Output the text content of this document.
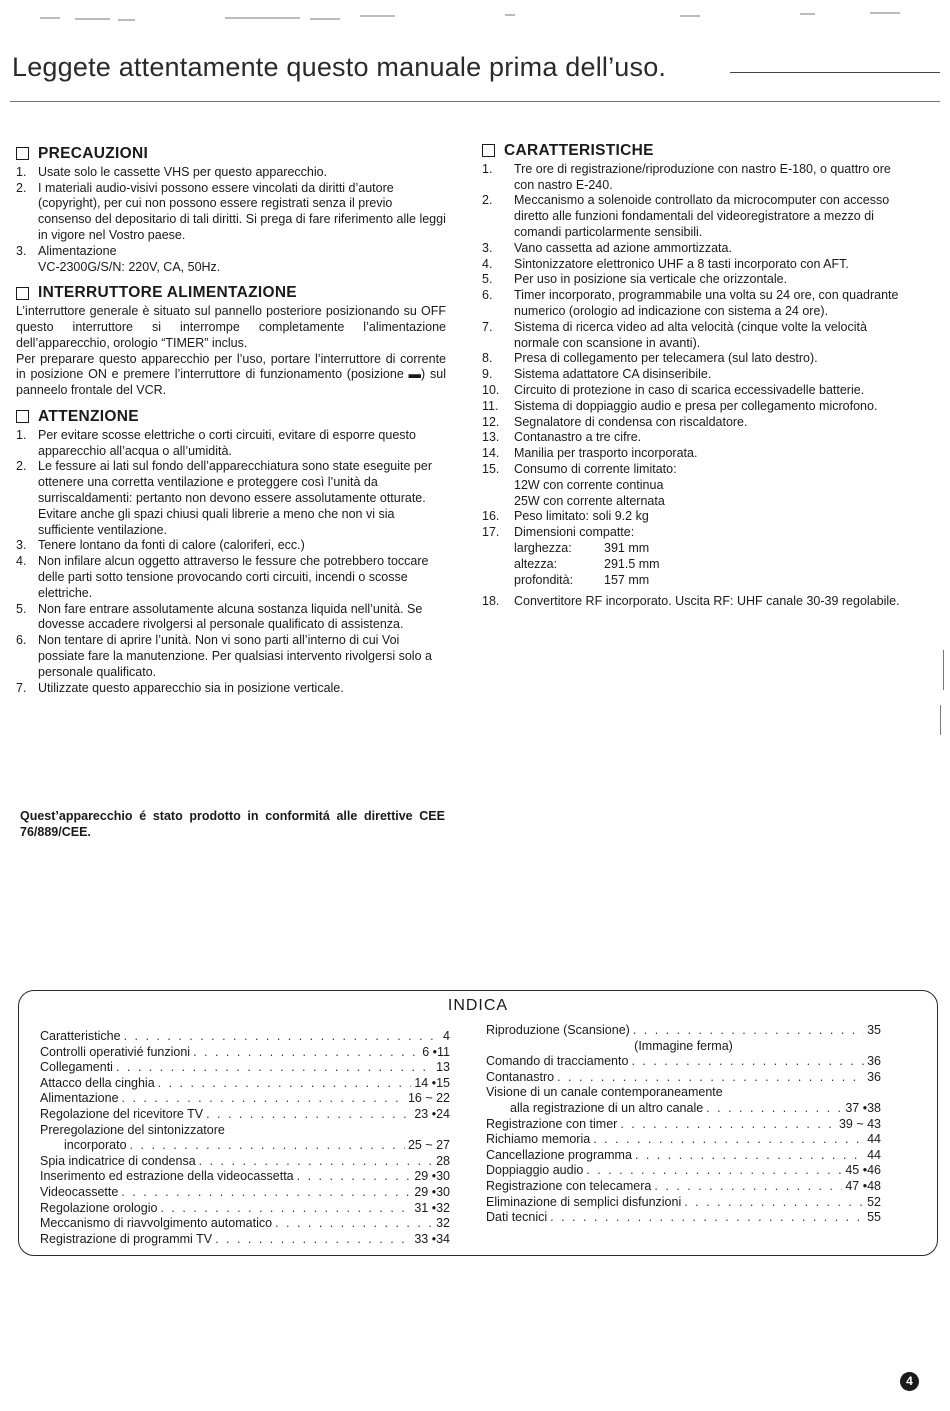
Leggete attentamente questo manuale prima dell’uso.
PRECAUZIONI
1. Usate solo le cassette VHS per questo apparecchio.
2. I materiali audio-visivi possono essere vincolati da diritti d’autore (copyright), per cui non possono essere registrati senza il previo consenso del depositario di tali diritti. Si prega di fare riferimento alle leggi in vigore nel Vostro paese.
3. Alimentazione
VC-2300G/S/N: 220V, CA, 50Hz.
INTERRUTTORE ALIMENTAZIONE

L’interruttore generale è situato sul pannello posteriore posizionando su OFF questo interruttore si interrompe completamente l’alimentazione dell’apparecchio, orologio “TIMER” inclus.

Per preparare questo apparecchio per l’uso, portare l’interruttore di corrente in posizione ON e premere l’interruttore di funzionamento (posizione ▬) sul panneelo frontale del VCR.

ATTENZIONE
1. Per evitare scosse elettriche o corti circuiti, evitare di esporre questo apparecchio all’acqua o all’umidità.
2. Le fessure ai lati sul fondo dell’apparecchiatura sono state eseguite per ottenere una corretta ventilazione e proteggere così l’unità da surriscaldamenti: pertanto non devono essere assolutamente otturate. Evitare anche gli spazi chiusi quali librerie a meno che non vi sia sufficiente ventilazione.
3. Tenere lontano da fonti di calore (caloriferi, ecc.)
4. Non infilare alcun oggetto attraverso le fessure che potrebbero toccare delle parti sotto tensione provocando corti circuiti, incendi o scosse elettriche.
5. Non fare entrare assolutamente alcuna sostanza liquida nell’unità. Se dovesse accadere rivolgersi al personale qualificato di assistenza.
6. Non tentare di aprire l’unità. Non vi sono parti all’interno di cui Voi possiate fare la manutenzione. Per qualsiasi intervento rivolgersi solo a personale qualificato.
7. Utilizzate questo apparecchio sia in posizione verticale.
Quest’apparecchio é stato prodotto in conformitá alle direttive CEE 76/889/CEE.
CARATTERISTICHE
1.	Tre ore di registrazione/riproduzione con nastro E-180, o quattro ore con nastro E-240.
2.	Meccanismo a solenoide controllato da microcomputer con accesso diretto alle funzioni fondamentali del videoregistratore a mezzo di comandi particolarmente sensibili.
3.	Vano cassetta ad azione ammortizzata.
4.	Sintonizzatore elettronico UHF a 8 tasti incorporato con AFT.
5.	Per uso in posizione sia verticale che orizzontale.
6.	Timer incorporato, programmabile una volta su 24 ore, con quadrante numerico (orologio ad indicazione con sistema a 24 ore).
7.	Sistema di ricerca video ad alta velocità (cinque volte la velocità normale con scansione in avanti).
8.	Presa di collegamento per telecamera (sul lato destro).
9.	Sistema adattatore CA disinseribile.
10.	Circuito di protezione in caso di scarica eccessivadelle batterie.
11.	Sistema di doppiaggio audio e presa per collegamento microfono.
12.	Segnalatore di condensa con riscaldatore.
13.	Contanastro a tre cifre.
14.	Manilia per trasporto incorporata.
15.	Consumo di corrente limitato:
12W con corrente continua
25W con corrente alternata
16.	Peso limitato: soli 9.2 kg
17.	Dimensioni compatte:
larghezza:	391 mm
altezza:	291.5 mm
profondità:	157 mm
18.	Convertitore RF incorporato. Uscita RF: UHF canale 30-39 regolabile.
INDICA
Caratteristiche . . .	4
Controlli operativié funzioni . . .	6 •11
Collegamenti . . .	13
Attacco della cinghia . . .	14 •15
Alimentazione . . .	16 ~ 22
Regolazione del ricevitore TV . . .	23 •24
Preregolazione del sintonizzatore
incorporato . . .	25 ~ 27
Spia indicatrice di condensa . . .	28
Inserimento ed estrazione della videocassetta . . .	29 •30
Videocassette . . .	29 •30
Regolazione orologio . . .	31 •32
Meccanismo di riavvolgimento automatico . . .	32
Registrazione di programmi TV . . .	33 •34
Riproduzione (Scansione) . . .	35
(Immagine ferma)
Comando di tracciamento . . .	36
Contanastro . . .	36
Visione di un canale contemporaneamente
alla registrazione di un altro canale . . .	37 •38
Registrazione con timer . . .	39 ~ 43
Richiamo memoria . . .	44
Cancellazione programma . . .	44
Doppiaggio audio . . .	45 •46
Registrazione con telecamera . . .	47 •48
Eliminazione di semplici disfunzioni . . .	52
Dati tecnici . . .	55
4
